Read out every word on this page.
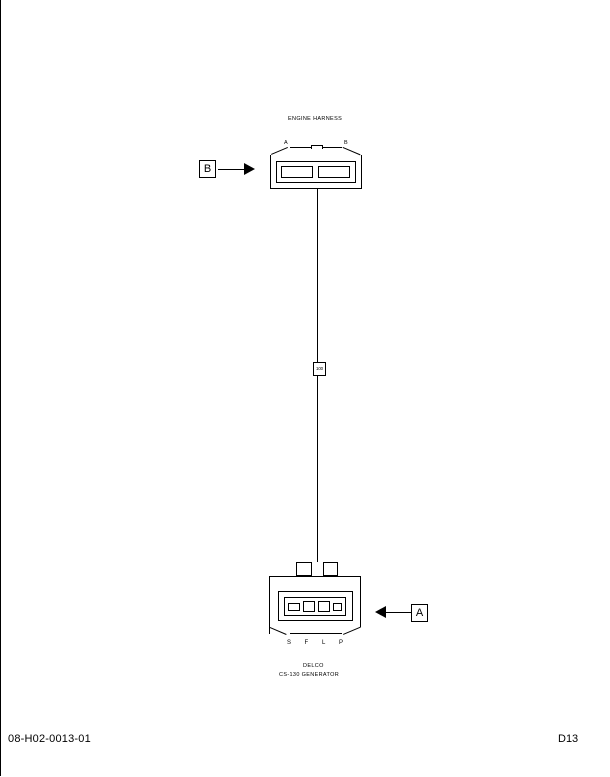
ENGINE HARNESS
A	B
B
100
S	F	L	P
DELCO
CS-130 GENERATOR
A
08-H02-0013-01	D13
